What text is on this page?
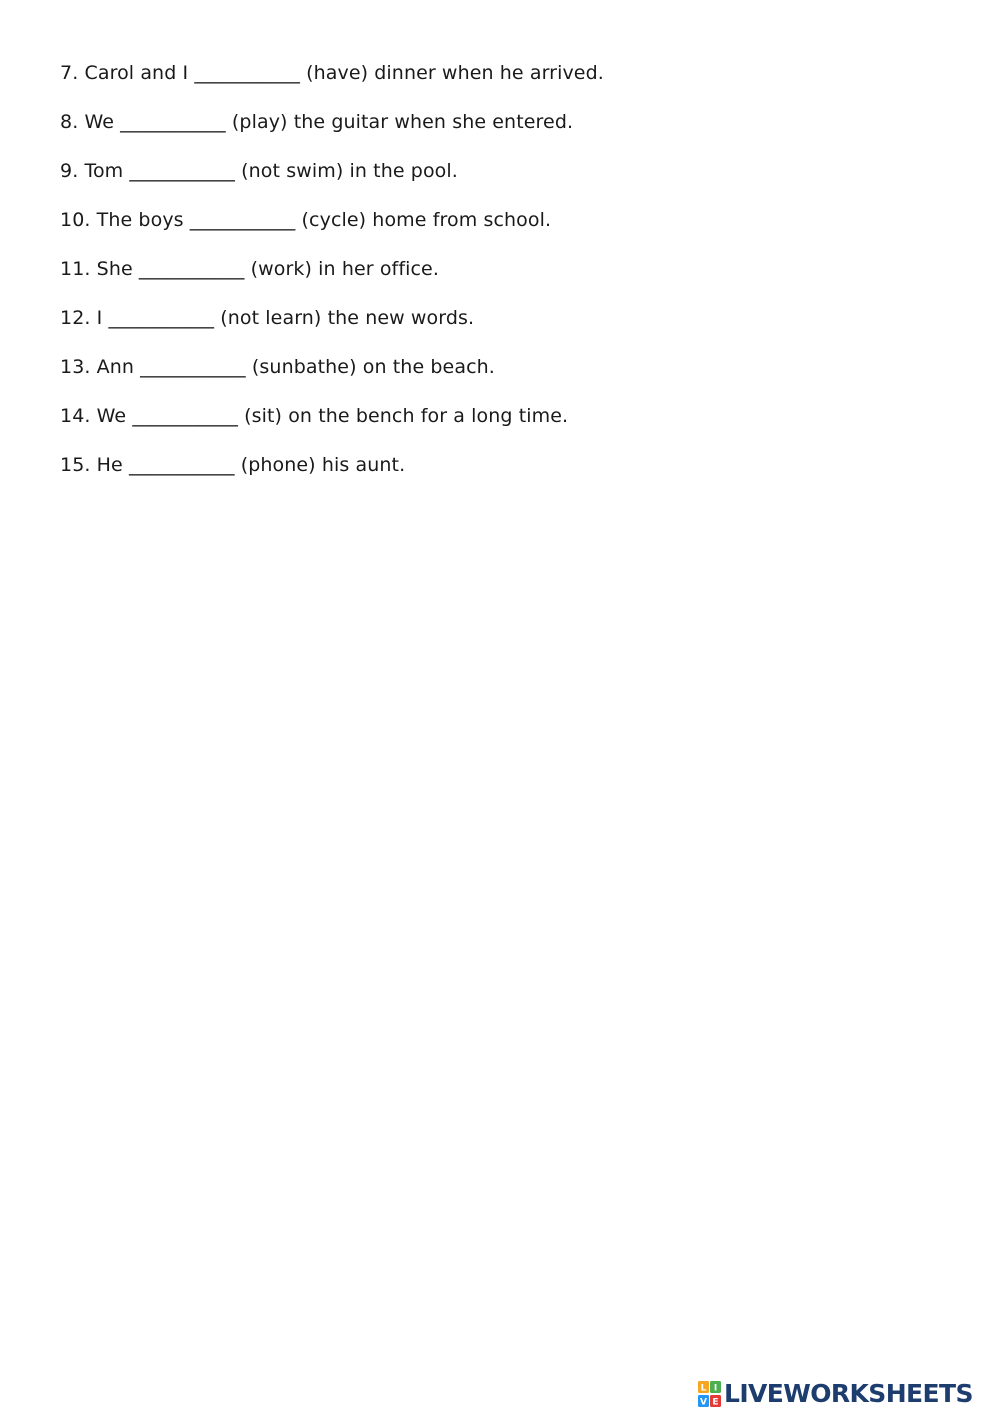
7. Carol and I ___________ (have) dinner when he arrived.
8. We ___________ (play) the guitar when she entered.
9. Tom ___________ (not swim) in the pool.
10. The boys ___________ (cycle) home from school.
11. She ___________ (work) in her office.
12. I ___________ (not learn) the new words.
13. Ann ___________ (sunbathe) on the beach.
14. We ___________ (sit) on the bench for a long time.
15. He ___________ (phone) his aunt.
L I
V E LIVEWORKSHEETS
